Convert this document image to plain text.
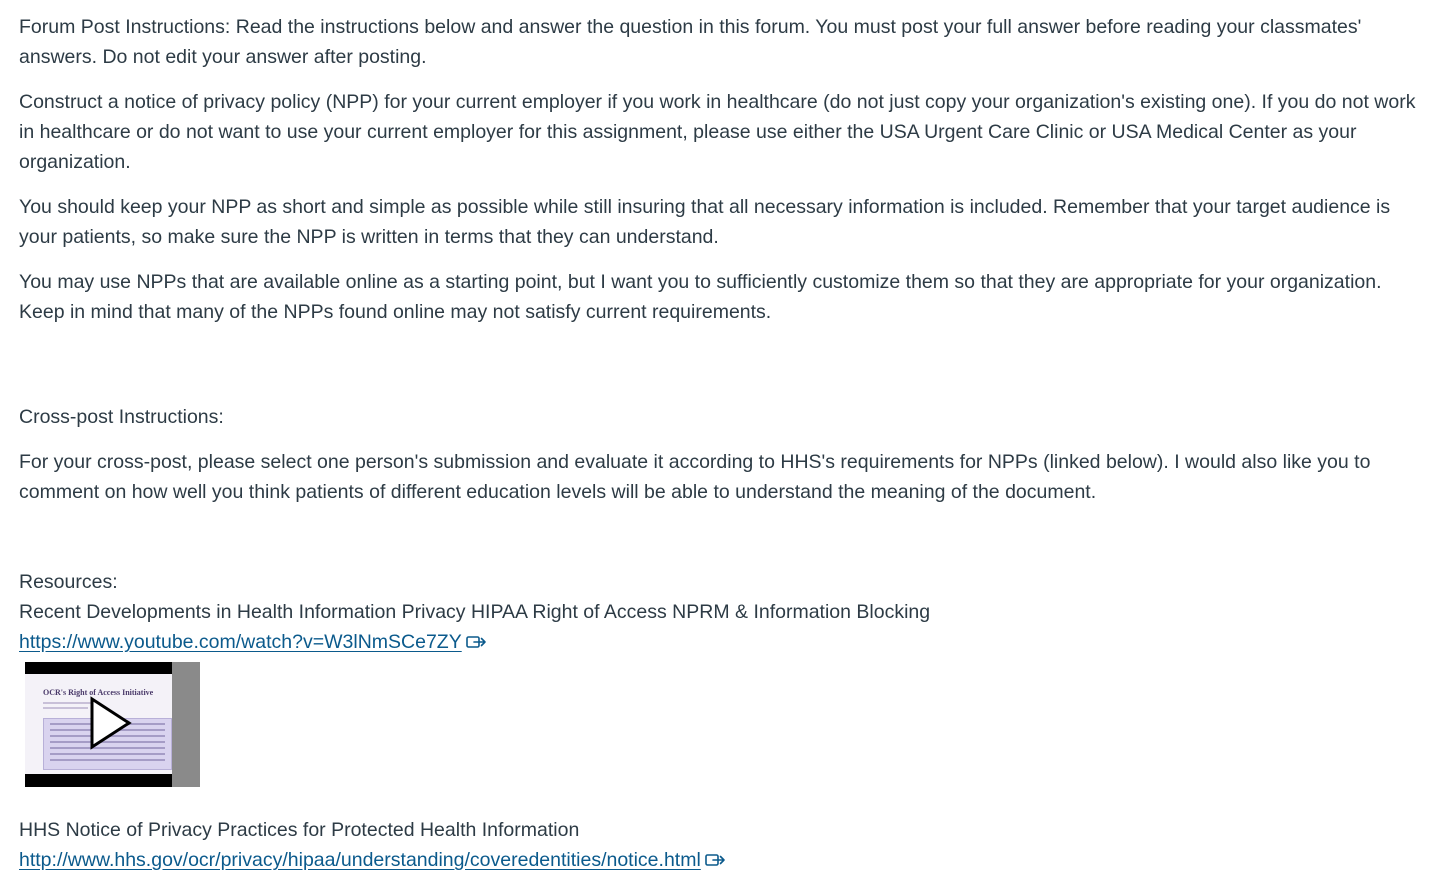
Forum Post Instructions: Read the instructions below and answer the question in this forum. You must post your full answer before reading your classmates' answers. Do not edit your answer after posting.

Construct a notice of privacy policy (NPP) for your current employer if you work in healthcare (do not just copy your organization's existing one). If you do not work in healthcare or do not want to use your current employer for this assignment, please use either the USA Urgent Care Clinic or USA Medical Center as your organization.

You should keep your NPP as short and simple as possible while still insuring that all necessary information is included. Remember that your target audience is your patients, so make sure the NPP is written in terms that they can understand.

You may use NPPs that are available online as a starting point, but I want you to sufficiently customize them so that they are appropriate for your organization. Keep in mind that many of the NPPs found online may not satisfy current requirements.

Cross-post Instructions:

For your cross-post, please select one person's submission and evaluate it according to HHS's requirements for NPPs (linked below). I would also like you to comment on how well you think patients of different education levels will be able to understand the meaning of the document.

Resources:

Recent Developments in Health Information Privacy HIPAA Right of Access NPRM & Information Blocking

https://www.youtube.com/watch?v=W3lNmSCe7ZY

OCR's Right of Access Initiative

HHS Notice of Privacy Practices for Protected Health Information

http://www.hhs.gov/ocr/privacy/hipaa/understanding/coveredentities/notice.html
